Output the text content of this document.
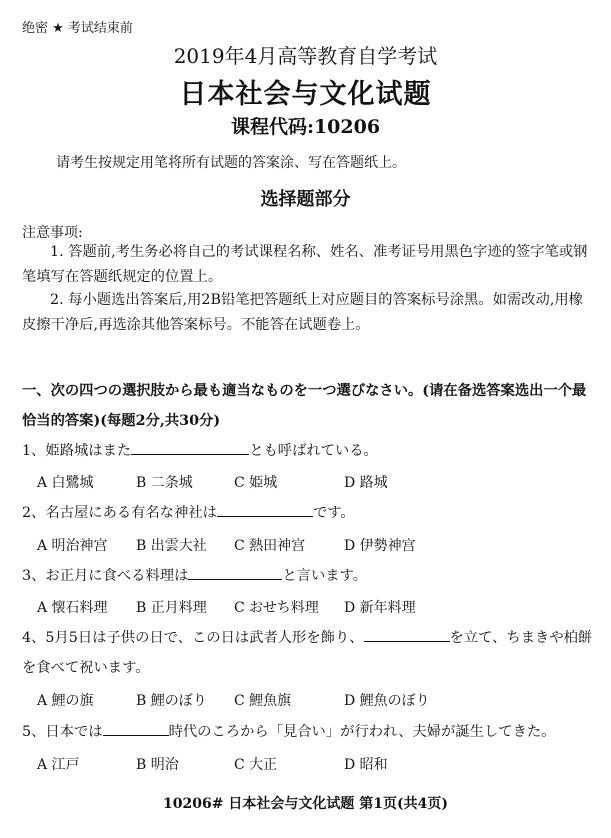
绝密 ★ 考试结束前
2019年4月高等教育自学考试
日本社会与文化试题
课程代码:10206
请考生按规定用笔将所有试题的答案涂、写在答题纸上。
选择题部分
注意事项:
1. 答题前,考生务必将自己的考试课程名称、姓名、准考证号用黑色字迹的签字笔或钢笔填写在答题纸规定的位置上。
2. 每小题选出答案后,用2B铅笔把答题纸上对应题目的答案标号涂黑。如需改动,用橡皮擦干净后,再选涂其他答案标号。不能答在试题卷上。
一、次の四つの選択肢から最も適当なものを一つ選びなさい。(请在备选答案选出一个最恰当的答案)(每题2分,共30分)
1、姫路城はまた	とも呼ばれている。
A 白鷺城	B 二条城	C 姫城	D 路城
2、名古屋にある有名な神社は	です。
A 明治神宫 B 出雲大社 C 熱田神宫	D 伊勢神宫
3、お正月に食べる料理は	と言います。
A 懐石料理 B 正月料理 C おせち料理 D 新年料理
4、5月5日は子供の日で、この日は武者人形を飾り、	を立て、ちまきや柏餅を食べて祝います。
A 鯉の旗	B 鯉のぼり C 鯉魚旗	D 鯉魚のぼり
5、日本では	時代のころから「見合い」が行われ、夫婦が誕生してきた。
A 江戸	B 明治	C 大正	D 昭和
10206# 日本社会与文化试题 第1页(共4页)
